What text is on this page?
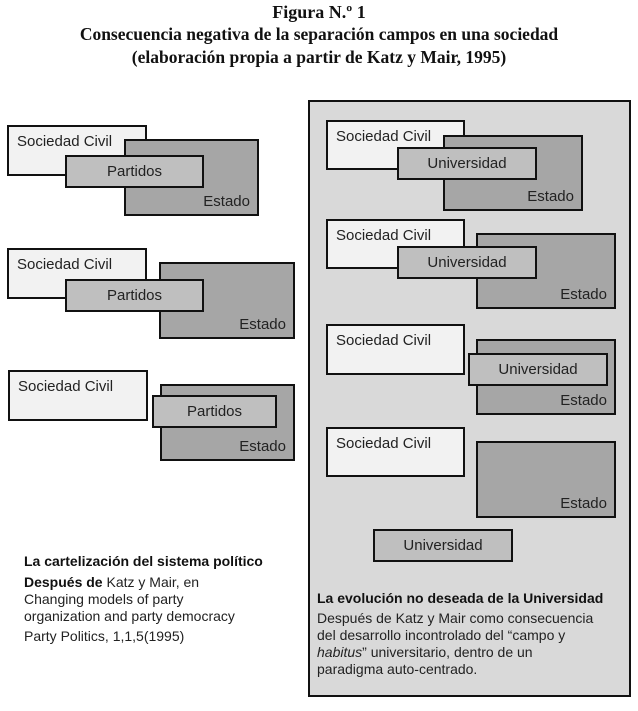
Figura N.º 1
Consecuencia negativa de la separación campos en una sociedad
(elaboración propia a partir de Katz y Mair, 1995)
Sociedad Civil
Estado
Partidos
Sociedad Civil
Estado
Partidos
Sociedad Civil
Estado
Partidos
La cartelización del sistema político
Después de Katz y Mair, en
Changing models of party
organization and party democracy
Party Politics, 1,1,5(1995)
Sociedad Civil
Estado
Universidad
Sociedad Civil
Estado
Universidad
Sociedad Civil
Estado
Universidad
Sociedad Civil
Estado
Universidad
La evolución no deseada de la Universidad
Después de Katz y Mair como consecuencia
del desarrollo incontrolado del “campo y
habitus” universitario, dentro de un
paradigma auto-centrado.
